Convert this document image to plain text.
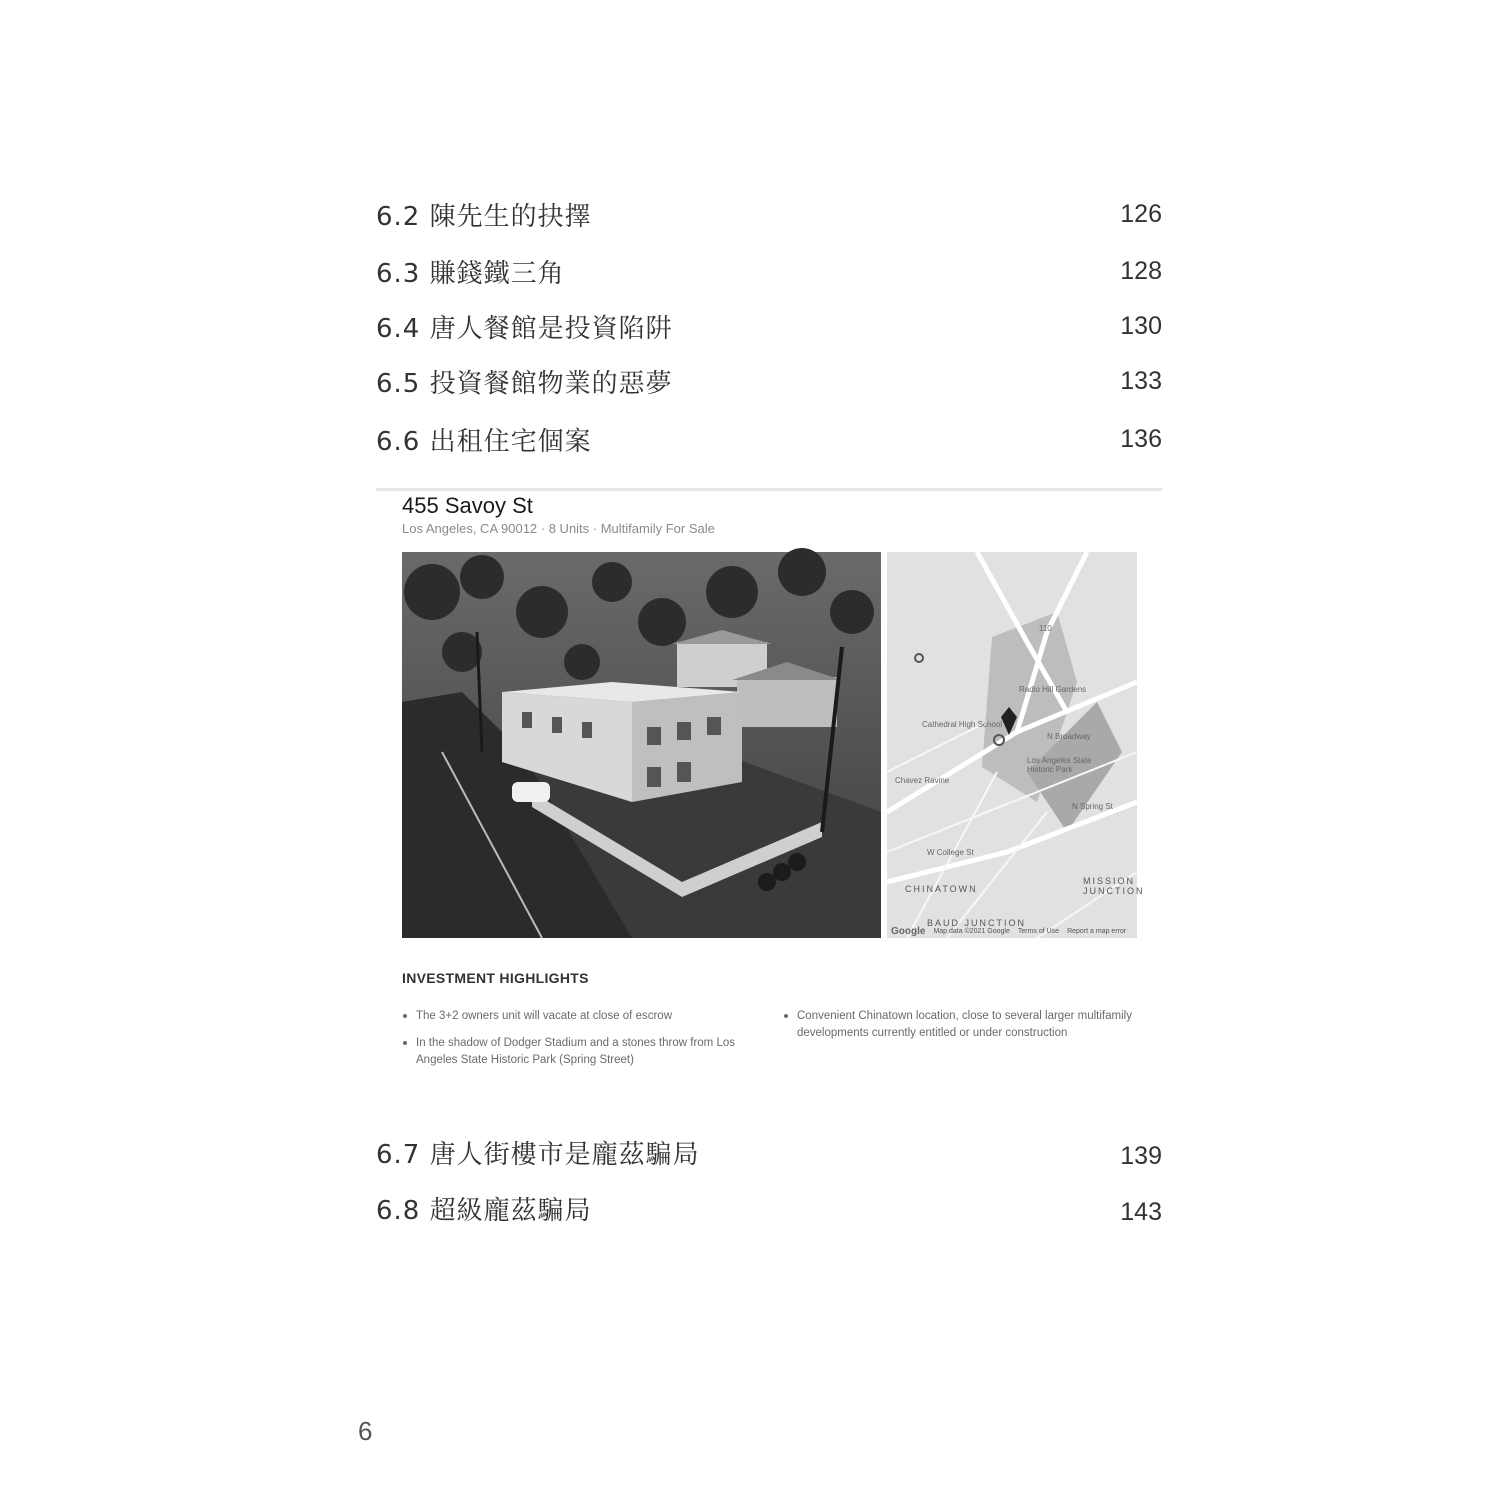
6.2 陳先生的抉擇	126
6.3 賺錢鐵三角	128
6.4 唐人餐館是投資陷阱	130
6.5 投資餐館物業的惡夢	133
6.6 出租住宅個案	136
455 Savoy St
Los Angeles, CA 90012 · 8 Units · Multifamily For Sale
110
Radio Hill Gardens
Cathedral High School
N Broadway
Los Angeles State Historic Park
Chavez Ravine
N Spring St
W College St
CHINATOWN
MISSION JUNCTION
BAUD JUNCTION
Google Map data ©2021 Google Terms of Use Report a map error
INVESTMENT HIGHLIGHTS
The 3+2 owners unit will vacate at close of escrow
In the shadow of Dodger Stadium and a stones throw from Los Angeles State Historic Park (Spring Street)
Convenient Chinatown location, close to several larger multifamily developments currently entitled or under construction
6.7 唐人街樓市是龐茲騙局	139
6.8 超級龐茲騙局	143
6
